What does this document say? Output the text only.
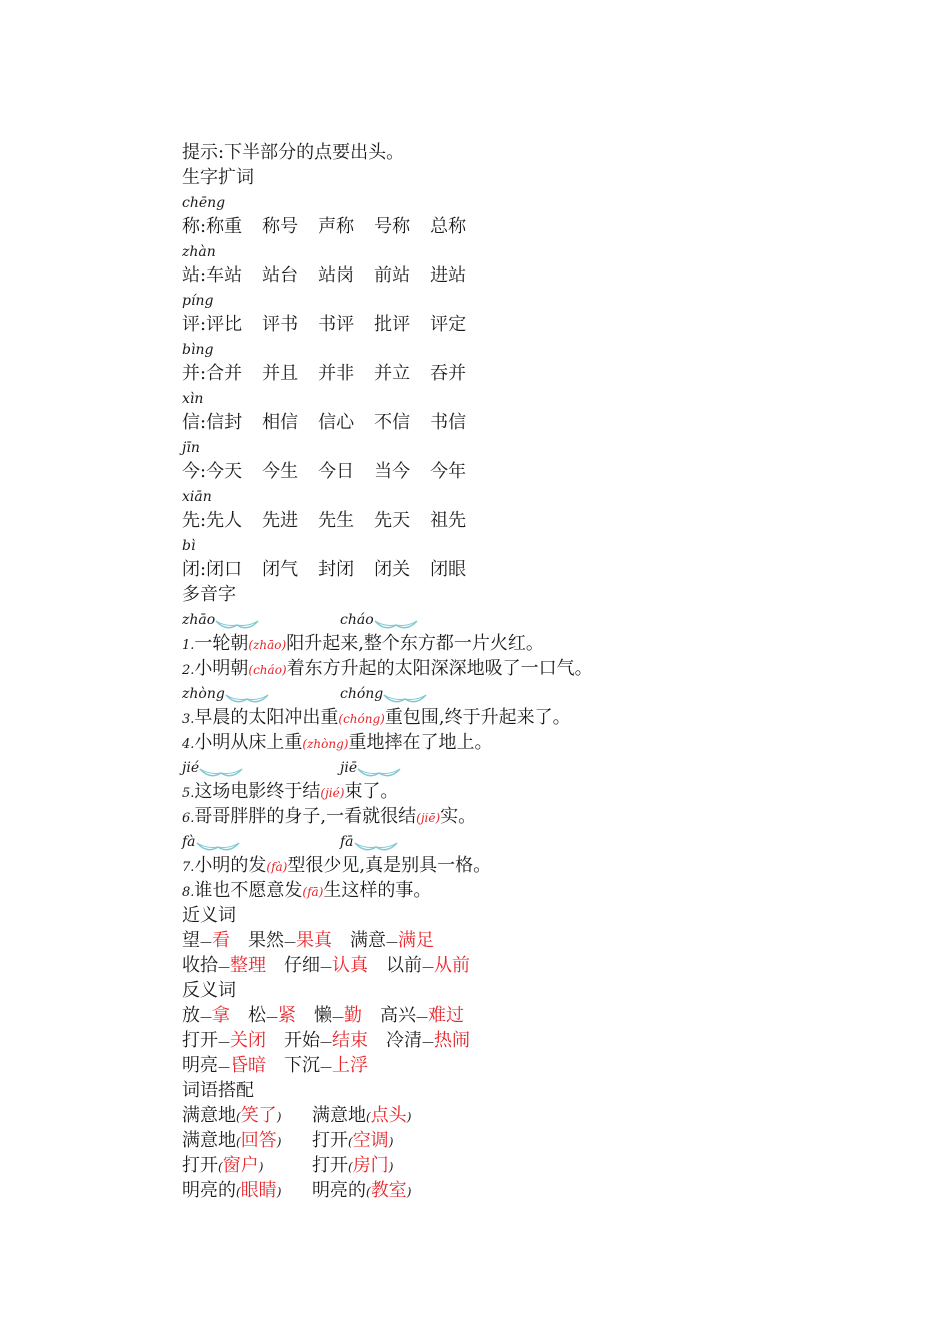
提示:下半部分的点要出头。
生字扩词
chēng
称:称重 称号 声称 号称 总称
zhàn
站:车站 站台 站岗 前站 进站
píng
评:评比 评书 书评 批评 评定
bìng
并:合并 并且 并非 并立 吞并
xìn
信:信封 相信 信心 不信 书信
jīn
今:今天 今生 今日 当今 今年
xiān
先:先人 先进 先生 先天 祖先
bì
闭:闭口 闭气 封闭 闭关 闭眼
多音字
zhāo	cháo
1.一轮朝(zhāo)阳升起来,整个东方都一片火红。
2.小明朝(cháo)着东方升起的太阳深深地吸了一口气。
zhòng	chóng
3.早晨的太阳冲出重(chóng)重包围,终于升起来了。
4.小明从床上重(zhòng)重地摔在了地上。
jié	jiē
5.这场电影终于结(jié)束了。
6.哥哥胖胖的身子,一看就很结(jiē)实。
fà	fā
7.小明的发(fà)型很少见,真是别具一格。
8.谁也不愿意发(fā)生这样的事。
近义词
望—看 果然—果真 满意—满足
收拾—整理 仔细—认真 以前—从前
反义词
放—拿 松—紧 懒—勤 高兴—难过
打开—关闭 开始—结束 冷清—热闹
明亮—昏暗 下沉—上浮
词语搭配
满意地(笑了) 满意地(点头)
满意地(回答) 打开(空调)
打开(窗户)	打开(房门)
明亮的(眼睛) 明亮的(教室)
